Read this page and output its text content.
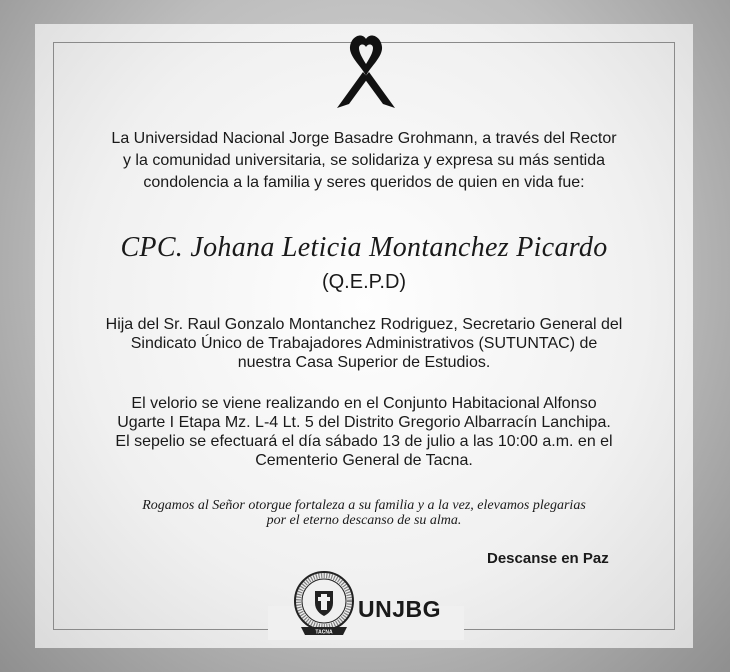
La Universidad Nacional Jorge Basadre Grohmann, a través del Rector
y la comunidad universitaria, se solidariza y expresa su más sentida
condolencia a la familia y seres queridos de quien en vida fue:
CPC. Johana Leticia Montanchez Picardo
(Q.E.P.D)
Hija del Sr. Raul Gonzalo Montanchez Rodriguez, Secretario General del
Sindicato Único de Trabajadores Administrativos (SUTUNTAC) de
nuestra Casa Superior de Estudios.
El velorio se viene realizando en el Conjunto Habitacional Alfonso
Ugarte I Etapa Mz. L-4 Lt. 5 del Distrito Gregorio Albarracín Lanchipa.
El sepelio se efectuará el día sábado 13 de julio a las 10:00 a.m. en el
Cementerio General de Tacna.
Rogamos al Señor otorgue fortaleza a su familia y a la vez, elevamos plegarias
por el eterno descanso de su alma.
Descanse en Paz
TACNA
UNJBG
